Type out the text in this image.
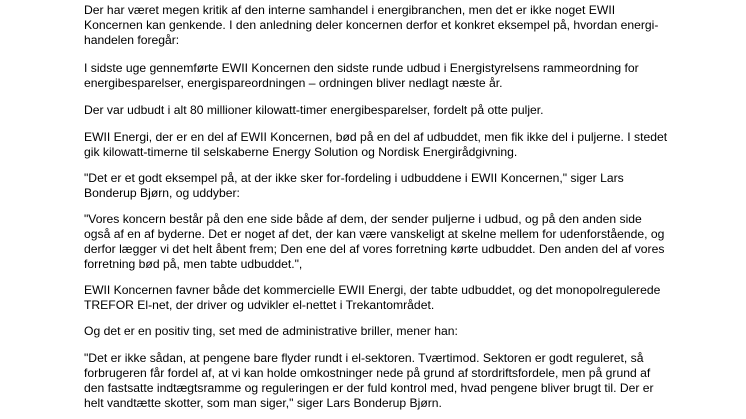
Der har været megen kritik af den interne samhandel i energibranchen, men det er ikke noget EWII
Koncernen kan genkende. I den anledning deler koncernen derfor et konkret eksempel på, hvordan energi-
handelen foregår:
I sidste uge gennemførte EWII Koncernen den sidste runde udbud i Energistyrelsens rammeordning for
energibesparelser, energispareordningen – ordningen bliver nedlagt næste år.
Der var udbudt i alt 80 millioner kilowatt-timer energibesparelser, fordelt på otte puljer.
EWII Energi, der er en del af EWII Koncernen, bød på en del af udbuddet, men fik ikke del i puljerne. I stedet
gik kilowatt-timerne til selskaberne Energy Solution og Nordisk Energirådgivning.
"Det er et godt eksempel på, at der ikke sker for-fordeling i udbuddene i EWII Koncernen," siger Lars
Bonderup Bjørn, og uddyber:
"Vores koncern består på den ene side både af dem, der sender puljerne i udbud, og på den anden side
også af en af byderne. Det er noget af det, der kan være vanskeligt at skelne mellem for udenforstående, og
derfor lægger vi det helt åbent frem; Den ene del af vores forretning kørte udbuddet. Den anden del af vores
forretning bød på, men tabte udbuddet.",
EWII Koncernen favner både det kommercielle EWII Energi, der tabte udbuddet, og det monopolregulerede
TREFOR El-net, der driver og udvikler el-nettet i Trekantområdet.
Og det er en positiv ting, set med de administrative briller, mener han:
"Det er ikke sådan, at pengene bare flyder rundt i el-sektoren. Tværtimod. Sektoren er godt reguleret, så
forbrugeren får fordel af, at vi kan holde omkostninger nede på grund af stordriftsfordele, men på grund af
den fastsatte indtægtsramme og reguleringen er der fuld kontrol med, hvad pengene bliver brugt til. Der er
helt vandtætte skotter, som man siger," siger Lars Bonderup Bjørn.
